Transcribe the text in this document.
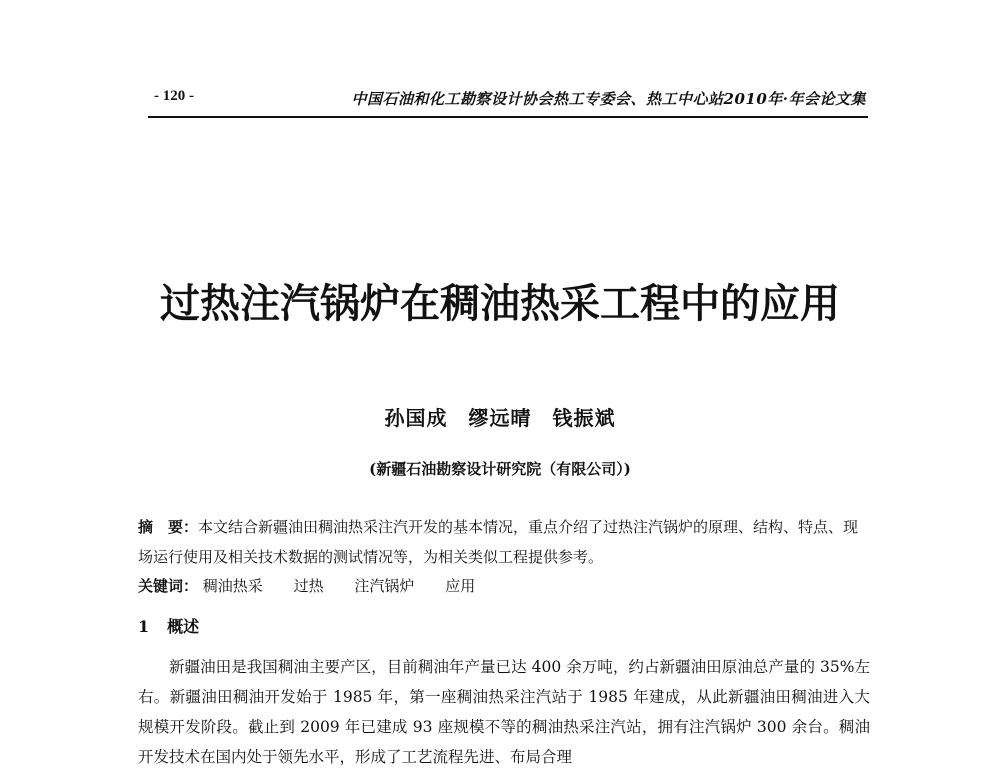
- 120 -	中国石油和化工勘察设计协会热工专委会、热工中心站2010年·年会论文集
过热注汽锅炉在稠油热采工程中的应用
孙国成　缪远晴　钱振斌
(新疆石油勘察设计研究院（有限公司）)
摘　要：本文结合新疆油田稠油热采注汽开发的基本情况，重点介绍了过热注汽锅炉的原理、结构、特点、现场运行使用及相关技术数据的测试情况等，为相关类似工程提供参考。
关键词： 稠油热采 过热 注汽锅炉 应用
1 概述

新疆油田是我国稠油主要产区，目前稠油年产量已达 400 余万吨，约占新疆油田原油总产量的 35%左右。新疆油田稠油开发始于 1985 年，第一座稠油热采注汽站于 1985 年建成，从此新疆油田稠油进入大规模开发阶段。截止到 2009 年已建成 93 座规模不等的稠油热采注汽站，拥有注汽锅炉 300 余台。稠油开发技术在国内处于领先水平，形成了工艺流程先进、布局合理
